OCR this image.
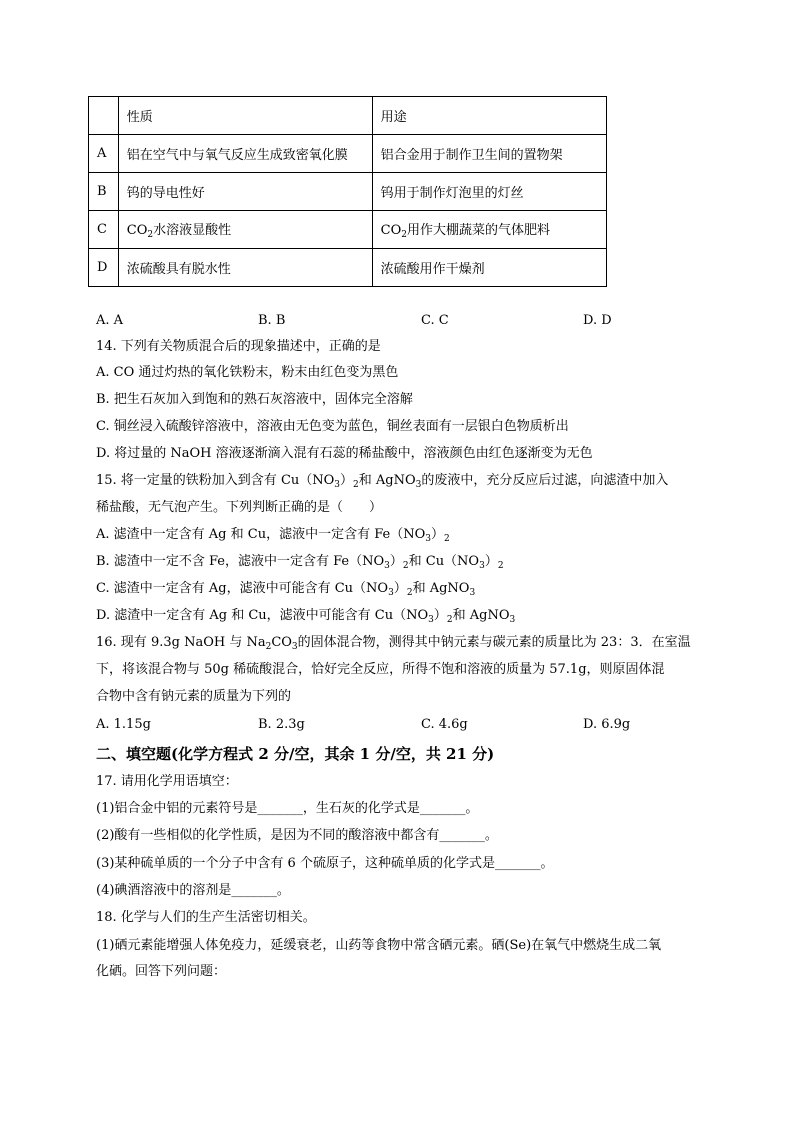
	性质	用途
A	铝在空气中与氧气反应生成致密氧化膜	铝合金用于制作卫生间的置物架
B	钨的导电性好	钨用于制作灯泡里的灯丝
C	$CO_2$水溶液显酸性	$CO_2$用作大棚蔬菜的气体肥料
D	浓硫酸具有脱水性	浓硫酸用作干燥剂
A. A	B. B	C. C	D. D
14. 下列有关物质混合后的现象描述中，正确的是
A. CO 通过灼热的氧化铁粉末，粉末由红色变为黑色
B. 把生石灰加入到饱和的熟石灰溶液中，固体完全溶解
C. 铜丝浸入硫酸锌溶液中，溶液由无色变为蓝色，铜丝表面有一层银白色物质析出
D. 将过量的 NaOH 溶液逐渐滴入混有石蕊的稀盐酸中，溶液颜色由红色逐渐变为无色
15. 将一定量的铁粉加入到含有 $Cu(NO_3)_2$和 AgNO$_3$的废液中，充分反应后过滤，向滤渣中加入
稀盐酸，无气泡产生。下列判断正确的是（　　）
A. 滤渣中一定含有 Ag 和 Cu，滤液中一定含有 $Fe(NO_3)_2$
B. 滤渣中一定不含 Fe，滤液中一定含有 $Fe(NO_3)_2$和 $Cu(NO_3)_2$
C. 滤渣中一定含有 Ag，滤液中可能含有 $Cu(NO_3)_2$和 AgNO$_3$
D. 滤渣中一定含有 Ag 和 Cu，滤液中可能含有 $Cu(NO_3)_2$和 AgNO$_3$
16. 现有 9.3g NaOH 与 $Na_2CO_3$的固体混合物，测得其中钠元素与碳元素的质量比为 23：3．在室温
下，将该混合物与 50g 稀硫酸混合，恰好完全反应，所得不饱和溶液的质量为 57.1g，则原固体混
合物中含有钠元素的质量为下列的
A. 1.15g	B. 2.3g	C. 4.6g	D. 6.9g
二、填空题(化学方程式 2 分/空，其余 1 分/空，共 21 分)
17. 请用化学用语填空：
(1)铝合金中铝的元素符号是_______，生石灰的化学式是_______。
(2)酸有一些相似的化学性质，是因为不同的酸溶液中都含有_______。
(3)某种硫单质的一个分子中含有 6 个硫原子，这种硫单质的化学式是_______。
(4)碘酒溶液中的溶剂是_______。
18. 化学与人们的生产生活密切相关。
(1)硒元素能增强人体免疫力，延缓衰老，山药等食物中常含硒元素。硒(Se)在氧气中燃烧生成二氧
化硒。回答下列问题：
